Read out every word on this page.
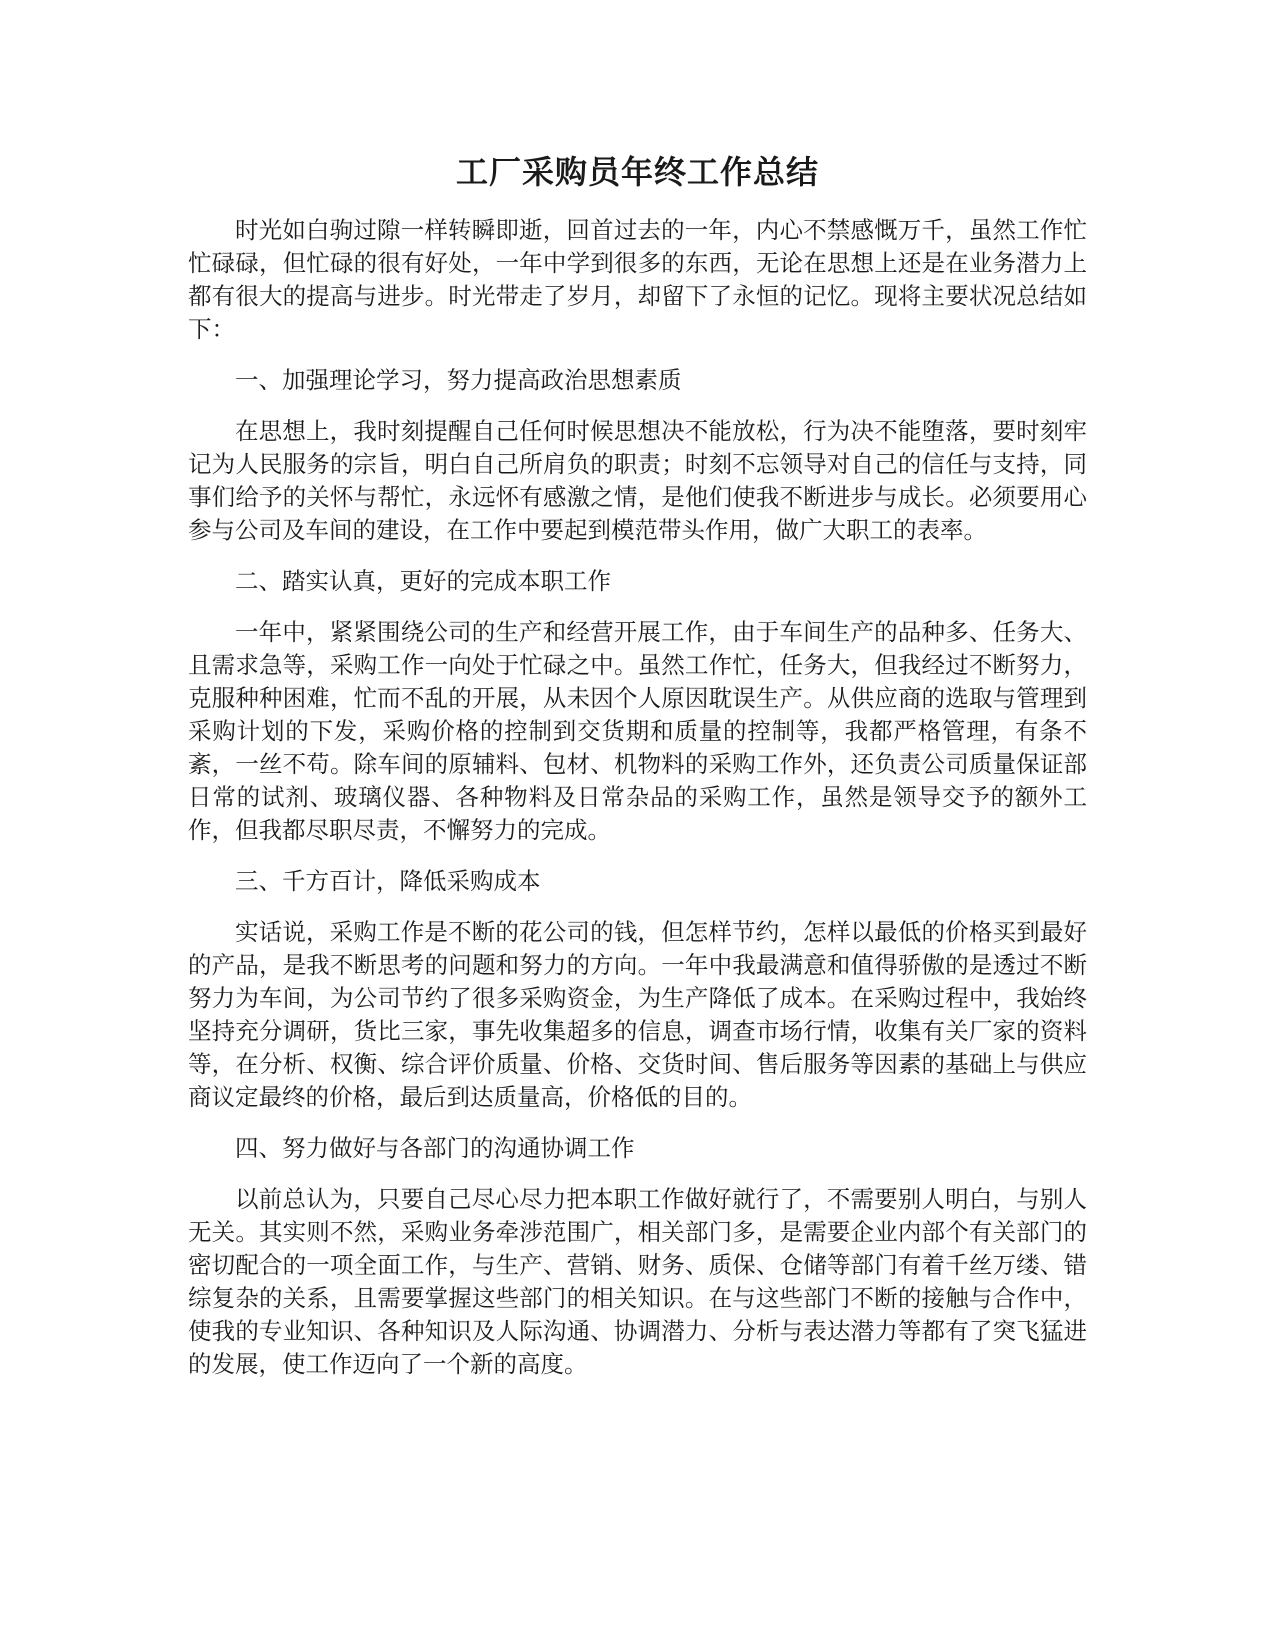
工厂采购员年终工作总结

时光如白驹过隙一样转瞬即逝，回首过去的一年，内心不禁感慨万千，虽然工作忙忙碌碌，但忙碌的很有好处，一年中学到很多的东西，无论在思想上还是在业务潜力上都有很大的提高与进步。时光带走了岁月，却留下了永恒的记忆。现将主要状况总结如下：

一、加强理论学习，努力提高政治思想素质

在思想上，我时刻提醒自己任何时候思想决不能放松，行为决不能堕落，要时刻牢记为人民服务的宗旨，明白自己所肩负的职责；时刻不忘领导对自己的信任与支持，同事们给予的关怀与帮忙，永远怀有感激之情，是他们使我不断进步与成长。必须要用心参与公司及车间的建设，在工作中要起到模范带头作用，做广大职工的表率。

二、踏实认真，更好的完成本职工作

一年中，紧紧围绕公司的生产和经营开展工作，由于车间生产的品种多、任务大、且需求急等，采购工作一向处于忙碌之中。虽然工作忙，任务大，但我经过不断努力，克服种种困难，忙而不乱的开展，从未因个人原因耽误生产。从供应商的选取与管理到采购计划的下发，采购价格的控制到交货期和质量的控制等，我都严格管理，有条不紊，一丝不苟。除车间的原辅料、包材、机物料的采购工作外，还负责公司质量保证部日常的试剂、玻璃仪器、各种物料及日常杂品的采购工作，虽然是领导交予的额外工作，但我都尽职尽责，不懈努力的完成。

三、千方百计，降低采购成本

实话说，采购工作是不断的花公司的钱，但怎样节约，怎样以最低的价格买到最好的产品，是我不断思考的问题和努力的方向。一年中我最满意和值得骄傲的是透过不断努力为车间，为公司节约了很多采购资金，为生产降低了成本。在采购过程中，我始终坚持充分调研，货比三家，事先收集超多的信息，调查市场行情，收集有关厂家的资料等，在分析、权衡、综合评价质量、价格、交货时间、售后服务等因素的基础上与供应商议定最终的价格，最后到达质量高，价格低的目的。

四、努力做好与各部门的沟通协调工作

以前总认为，只要自己尽心尽力把本职工作做好就行了，不需要别人明白，与别人无关。其实则不然，采购业务牵涉范围广，相关部门多，是需要企业内部个有关部门的密切配合的一项全面工作，与生产、营销、财务、质保、仓储等部门有着千丝万缕、错综复杂的关系，且需要掌握这些部门的相关知识。在与这些部门不断的接触与合作中，使我的专业知识、各种知识及人际沟通、协调潜力、分析与表达潜力等都有了突飞猛进的发展，使工作迈向了一个新的高度。
